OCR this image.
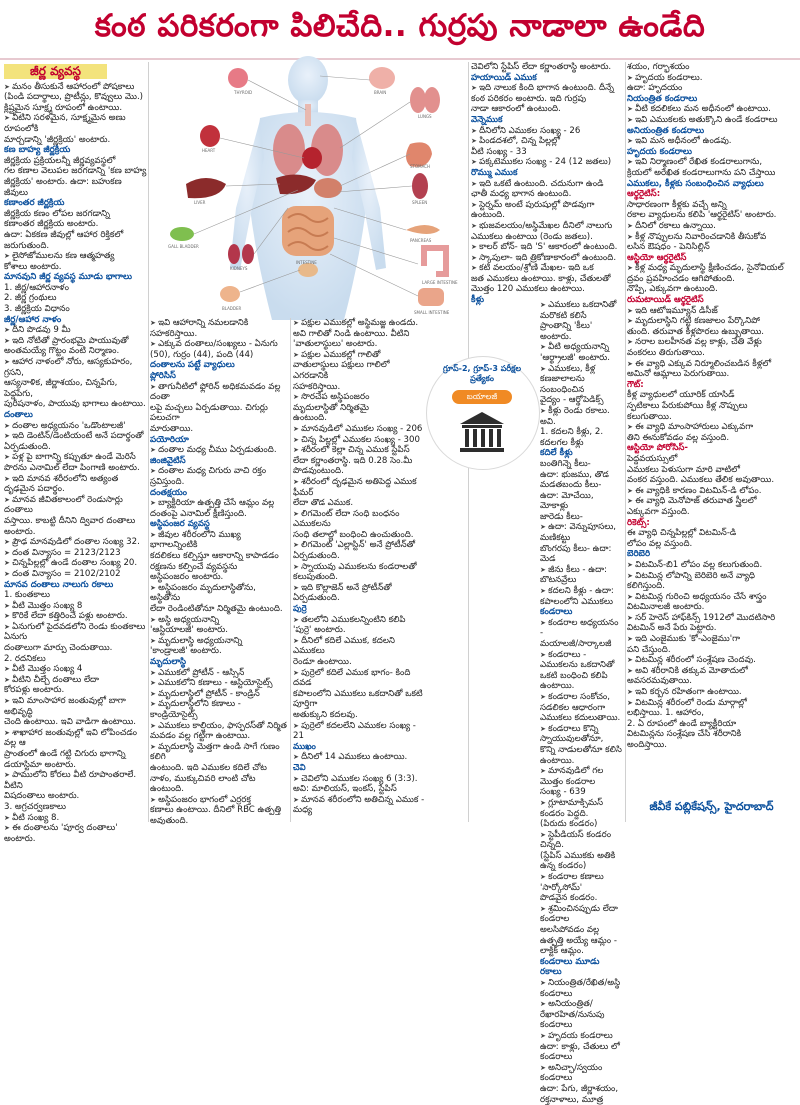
కంఠ పరికరంగా పిలిచేది.. గుర్రపు నాడాలా ఉండేది
THYROID	BRAIN
LUNGS
HEART
STOMACH
LIVER
GALL BLADDER
SPLEEN
KIDNEYS
PANCREAS
LARGE INTESTINE
BLADDER
SMALL INTESTINE
INTESTINE
జీర్ణ వ్యవస్థ

➤ మనం తీసుకునే ఆహారంలో పోషకాలు

(పిండి పదార్థాలు, ప్రొటీన్లు, కొవ్వులు మొ.)

క్లిష్టమైన సూక్ష్మ రూపంలో ఉంటాయి.

➤ వీటిని సరళమైన, సూక్ష్మమైన అణు రూపంలోకి

మార్చడాన్ని 'జీర్ణక్రియ' అంటారు.

కణ బాహ్య జీర్ణక్రియ

జీర్ణక్రియ ప్రక్రియలన్నీ జీర్ణవ్యవస్థలో

గల కణాల వెలుపల జరగడాన్ని 'కణ బాహ్య

జీర్ణక్రియ' అంటారు. ఉదా: బహుకణ జీవులు

కణాంతర జీర్ణక్రియ

జీర్ణక్రియ కణం లోపల జరగడాన్ని

కణాంతర జీర్ణక్రియ అంటారు.

ఉదా: ఏకకణ జీవుల్లో ఆహార రిక్తికలో

జరుగుతుంది.

➤ లైసోజోములను కణ ఆత్మహత్య

కోశాలు అంటారు.

మానవుని జీర్ణ వ్యవస్థ మూడు భాగాలు

1. జీర్ణ/ఆహారనాళం

2. జీర్ణ గ్రంథులు

3. జీర్ణక్రియ విధానం

జీర్ణ/ఆహార నాళం

➤ దీని పొడవు 9 మీ

➤ ఇది నోటితో ప్రారంభమై పాయువుతో

అంతమయ్యే గొట్టం వంటి నిర్మాణం.

➤ ఆహార నాళంలో నోరు, ఆస్యకుహరం, గ్రసని,

ఆస్యనాళిక, జీర్ణాశయం, చిన్నపేగు, పెద్దపేగు,

పురీషనాళం, పాయువు భాగాలు ఉంటాయి.

దంతాలు

➤ దంతాల అధ్యయనం 'ఒడొంటాలజీ'

➤ ఇది డెంటిన్/డెంటియంటే అనే పదార్థంతో

ఏర్పడుతుంది.

➤ పళ్ల పై బాగాన్ని కప్పుతూ ఉండే మెరిసే

పొరను ఎనామిల్ లేదా పింగాణి అంటారు.

➤ ఇది మానవ శరీరంలోని అత్యంత

దృఢమైన పదార్థం.

➤ మానవ జీవితకాలంలో రెండుసార్లు దంతాలు

వస్తాయి. కాబట్టి దీనిని ద్వివార దంతాలు అంటారు.

➤ ప్రౌఢ మానవుడిలో దంతాల సంఖ్య 32.

➤ దంత విన్యాసం = 2123/2123

➤ చిన్నపిల్లల్లో ఉండే దంతాల సంఖ్య 20.

➤ దంత విన్యాసం = 2102/2102

మానవ దంతాలు నాలుగు రకాలు

1. కుంతకాలు

➤ వీటి మొత్తం సంఖ్య 8

➤ కొరికే లేదా కత్తిరించే పళ్లు అంటారు.

➤ ఏనుగులో పైదవడలోని రెండు కుంతకాలు ఏనుగు

దంతాలుగా మార్పు చెందుతాయి.

2. రదనికలు

➤ వీటి మొత్తం సంఖ్య 4

➤ వీటిని చీల్చే దంతాలు లేదా

కోరపళ్లు అంటారు.

➤ ఇవి మాంసాహార జంతువుల్లో బాగా అభివృద్ధి

చెంది ఉంటాయి. ఇవి వాడిగా ఉంటాయి.

➤ శాఖాహార జంతువుల్లో ఇవి లోపించడం వల్ల ఆ

ప్రాంతంలో ఉండే గట్టి చిగురు భాగాన్ని

డయాస్టిమా అంటారు.

➤ పాములోని కోరలు వీటి రూపాంతరాలే. వీటిని

విషదంతాలు అంటారు.

3. అగ్రచర్వణకాలు

➤ వీటి సంఖ్య 8.

➤ ఈ దంతాలను 'పూర్వ దంతాలు' అంటారు.

➤ ఇవి ఆహారాన్ని నమలడానికి సహకరిస్తాయి.

➤ ఎక్కువ దంతాలు/సంఖ్యలు - ఏనుగు

(50), గుర్రం (44), పంది (44)

దంతాలను పట్టే వ్యాధులు

ప్లోరిసిస్

➤ తాగునీటిలో ఫ్లోరిన్ అధికమవడం వల్ల దంతా

లపై మచ్చలు ఏర్పడుతాయి. చిగుర్లు పలుచగా

మారుతాయి.

పయోరియా

➤ దంతాల మధ్య చీము ఏర్పడుతుంది.

జింజివైటిస్

➤ దంతాల మధ్య చిగురు వాచి రక్తం స్రవిస్తుంది.

దంతక్షయం

➤ బ్యాక్టీరియా ఉత్పత్తి చేసే ఆమ్లం వల్ల

దంతంపై ఎనామిల్ క్షీణిస్తుంది.

అస్థిపంజర వ్యవస్థ

➤ జీవుల శరీరంలోని ముఖ్య భాగాలన్నింటికి

కదలికలు కల్పిస్తూ ఆకారాన్ని కాపాడడం

రక్షణను కల్పించే వ్యవస్థను

అస్థిపంజరం అంటారు.

➤ అస్థిపంజరం మృదులాస్థితోను, అస్థితోను

లేదా రెండింటితోనూ నిర్మితమై ఉంటుంది.

➤ అస్థి అధ్యయనాన్ని

'ఆస్టియాలజీ' అంటారు.

➤ మృదులాస్థి అధ్యయనాన్ని

'కాండ్రాలజీ' అంటారు.

మృదులాస్థి

➤ ఎముకలో ప్రోటీన్ - ఆస్సిన్

➤ ఎముకలోని కణాలు - ఆస్టియోసైట్స్

➤ మృదులాస్థిలో ప్రోటీన్ - కాండ్రిన్

➤ మృదులాస్థిలోని కణాలు - కాండ్రియోసైట్స్

➤ ఎముకలు కాల్షియం, ఫాస్ఫరస్‌తో నిర్మిత

మవడం వల్ల గట్టిగా ఉంటాయి.

➤ మృదులాస్థి మెత్తగా ఉండి సాగే గుణం కలిగి

ఉంటుంది. ఇది ఎముకల కదిలే చోట

నాళం, ముక్కుచివరి లాంటి చోట ఉంటుంది.

➤ అస్థిపంజరం భాగంలో ఎర్రరక్త

కణాలు ఉంటాయి. దీనిలో RBC ఉత్పత్తి అవుతుంది.

➤ పక్షుల ఎముకల్లో అస్థిమజ్జ ఉండదు.

అవి గాలితో నిండి ఉంటాయి. వీటిని

'వాతులాస్థులు' అంటారు.

➤ పక్షుల ఎముకల్లో గాలితో

వాతులాస్థులు పక్షులు గాలిలో

ఎగరడానికి

సహకరిస్తాయి.

➤ సొరచేప అస్థిపంజరం

మృదులాస్థితో నిర్మితమై

ఉంటుంది.

➤ మానవుడిలో ఎముకల సంఖ్య - 206

➤ చిన్న పిల్లల్లో ఎముకల సంఖ్య - 300

➤ శరీరంలో కెల్లా చిన్న ఎముక స్టేపిస్

లేదా కర్ణాంతరాస్థి. ఇది 0.28 సెం.మీ

పొడవుంటుంది.

➤ శరీరంలో దృఢమైన అతిపెద్ద ఎముక ఫీమర్

లేదా తొడ ఎముక.

➤ లిగమెంట్ లేదా సంధి బంధనం ఎముకలను

సంధి తలాల్లో బంధించి ఉంచుతుంది.

➤ లిగమెంట్ 'ఎల్లాస్టిన్' అనే ప్రోటీన్‌తో

ఏర్పడుతుంది.

➤ స్నాయువు ఎముకలను కండరాలతో కలుపుతుంది.

➤ ఇది కొల్లాజెన్ అనే ప్రోటీన్‌తో

ఏర్పడుతుంది.

పుర్రె

➤ తలలోని ఎముకలన్నింటిని కలిపి

'పుర్రె' అంటారు.

➤ దీనిలో కదిలే ఎముక, కదలని ఎముకలు

రెండూ ఉంటాయి.

➤ పుర్రెలో కదిలే ఎముక భాగం- కింది దవడ

కపాలంలోని ఎముకలు ఒకదానితో ఒకటి పూర్తిగా

అతుక్కుని కదలవు.

➤ పుర్రెలో కదలలేని ఎముకల సంఖ్య - 21

ముఖం

➤ దీనిలో 14 ఎముకలు ఉంటాయి.

చెవి

➤ చెవిలోని ఎముకల సంఖ్య 6 (3:3).

అవి: మాలియస్, ఇంకస్, స్టేపిస్

➤ మానవ శరీరంలోని అతిచిన్న ఎముక - మధ్య

చెవిలోని స్టేపిస్ లేదా కర్ణాంతరాస్థి అంటారు.

హయాయిడ్ ఎముక

➤ ఇది నాలుక కింది భాగాన ఉంటుంది. దీన్నే

కంఠ పరికరం అంటారు. ఇది గుర్రపు

నాడా ఆకారంలో ఉంటుంది.

వెన్నెముక

➤ దీనిలోని ఎముకల సంఖ్య - 26

➤ పిండదశలో, చిన్న పిల్లల్లో

వీటి సంఖ్య - 33

➤ పక్కటెముకల సంఖ్య - 24 (12 జతలు)

రొమ్ము ఎముక

➤ ఇది ఒకటే ఉంటుంది. చదునుగా ఉండి

ఛాతీ మధ్య భాగాన ఉంటుంది.

➤ స్టెర్నమ్ అంటే పురుషుల్లో పొడవుగా ఉంటుంది.

➤ భుజవలయం/అస్థిమేఖల దీనిలో నాలుగు

ఎముకలు ఉంటాయి (రెండు జతలు).

➤ కాలర్ బోన్- ఇది 'S' ఆకారంలో ఉంటుంది.

➤ స్కాపులా- ఇది త్రికోణాకారంలో ఉంటుంది.

➤ కటి వలయం/శ్రోణి మేఖల- ఇది ఒక

జత ఎముకలు ఉంటాయి. కాళ్లు, చేతులతో

మొత్తం 120 ఎముకలు ఉంటాయి.

కీళ్లు

➤	ఎముకలు ఒకదానితో మరొకటి కలిసే

ప్రాంతాన్ని 'కీలు' అంటారు.

➤ వీటి అధ్యయనాన్ని 'ఆర్థ్రాలజీ' అంటారు.

➤ ఎముకలు, కీళ్ల కణజాలాలను సంబంధించిన

వైద్యం - ఆర్థోపెడిక్స్

➤ కీళ్లు రెండు రకాలు. అవి.

1. కదలని కీళ్లు, 2. కదలగల కీళ్లు

కదిలే కీళ్లు

బంతిగిన్నె కీలు-

ఉదా: భుజము, తొడ

మడతబందు కీలు-

ఉదా: మోచేయి, మోకాళ్లు

జారెడు కీలు-

➤ ఉదా: వెన్నుపూసలు, మణికట్టు

బొంగరపు కీలు- ఉదా: మెడ

➤ జీను కీలు - ఉదా: బొటనవ్రేలు

➤ కదలని కీళ్లు - ఉదా: కపాలంలోని ఎముకలు

కండరాలు

➤ కండరాల అధ్యయనం -

మయాలజీ/సార్కాలజీ

➤ కండరాలు - ఎముకలను ఒకదానితో

ఒకటి బంధించి కలిపి ఉంటాయి.

➤ కండరాల సంకోచం, సడలికల ఆధారంగా

ఎముకలు కదులుతాయి.

➤ కండరాలు కొన్ని స్నాయువులతోనూ,

కొన్ని నాడులతోనూ కలిసి ఉంటాయి.

➤ మానవుడిలో గల మొత్తం కండరాల

సంఖ్య - 639

➤ గ్లూటామాక్సిమస్ కండరం పెద్దది.

(పిరుదు కండరం)

➤ స్టెపీడియస్ కండరం చిన్నది.

(స్టేపిస్ ఎముకకు అతికి ఉన్న కండరం)

➤ కండరాల కణాలు 'సార్కోసోమ్'

పొడవైన కండరం.

➤ శ్రమించినప్పుడు లేదా కండరాల

అలసిపోవడం వల్ల ఉత్పత్తి అయ్యే ఆమ్లం -

లాక్టిక్ ఆమ్లం.

కండరాలు మూడు రకాలు

➤ నియంత్రిత/రేఖిత/అస్థి కండరాలు

➤ అనియంత్రిత/రేఖారహిత/నునుపు కండరాలు

➤ హృదయ కండరాలు

ఉదా: కాళ్లు, చేతులు లో కండరాలు

➤ అనిచ్ఛా/స్వయం కండరాలు

ఉదా: పేగు, జీర్ణాశయం, రక్తనాళాలు, మూత్ర

శయం, గర్భాశయం

➤ హృదయ కండరాలు.

ఉదా: హృదయం

నియంత్రిత కండరాలు

➤ వీటి కదలికలు మన అధీనంలో ఉంటాయి.

➤ ఇవి ఎముకలకు అతుక్కొని ఉండే కండరాలు

అనియంత్రిత కండరాలు

➤ ఇవి మన అధీనంలో ఉండవు.

హృదయ కండరాలు

➤ ఇవి నిర్మాణంలో రేఖిత కండరాలుగాను,

క్రియలో అరేఖిత కండరాలుగాను పని చేస్తాయి

ఎముకలు, కీళ్లకు సంబంధించిన వ్యాధులు

ఆర్థరైటిస్:

సాధారణంగా కీళ్లకు వచ్చే అన్ని

రకాల వ్యాధులను కలిపి 'ఆర్థరైటిస్' అంటారు.

➤ దీనిలో రకాలు ఉన్నాయి.

➤ కీళ్ల నొప్పులను నివారించడానికి తీసుకోవ

లసిన ఔషధం - పెనిసిల్లిన్

ఆస్టియో ఆర్థరైటిస్

➤ కీళ్ల మధ్య మృదులాస్థి క్షీణించడం, సైనోవియల్

ద్రవం ప్రవహించడం ఆగిపోతుంది.

నొప్పి, ఎక్కువగా ఉంటుంది.

రుమటాయిడ్ ఆర్థరైటిస్

➤ ఇది ఆటోఇమ్యూన్ డిసీజ్

➤ మృదులాస్థిని గట్టి కణజాలం పేర్కొనిపో

తుంది. తరువాత కీళ్లపొరలు ఉబ్బుతాయి.

➤ నరాల బలహీనత వల్ల కాళ్లు, చేతి వేళ్లు

వంకరలు తిరుగుతాయి.

➤ ఈ వ్యాధి ఎక్కువ నిర్మూలించబడిన కీళ్లలో

అమినో ఆమ్లాలు పెరుగుతాయి.

గౌట్:

కీళ్ల వ్యాధులలో యూరిక్ యాసిడ్

స్ఫటికాలు పేరుకుపోయి కీళ్ల నొప్పులు

కలుగుతాయి.

➤ ఈ వ్యాధి మాంసాహారులు ఎక్కువగా

తిని ఈనుకోవడం వల్ల వస్తుంది.

ఆస్టియో పోరోసిస్-

పెద్దవయస్సులో

ఎముకలు పెళుసుగా మారి వాటిలో

వంకర వస్తుంది. ఎముకలు తేలిక అవుతాయి.

➤ ఈ వ్యాధికి కారణం విటమిన్-డి లోపం.

➤ ఈ వ్యాధి మెనోపాజ్ తరువాత స్త్రీలలో

ఎక్కువగా వస్తుంది.

రికెట్స్:

ఈ వ్యాధి చిన్నపిల్లల్లో విటమిన్-డి

లోపం వల్ల వస్తుంది.

బెరిబెరి

➤ విటమిన్-బి1 లోపం వల్ల కలుగుతుంది.

➤ విటమిన్ల లోపాన్ని బెరిబెరి అనే వ్యాధి

కలిగిస్తుంది.

➤ విటమిన్ల గురించి అధ్యయనం చేసే శాస్త్రం

విటమినాలజీ అంటారు.

➤ సర్ హెరెస్ హాఫ్‌కిన్స్ 1912లో మొదటిసారి

విటమిన్ అనే పేరు పెట్టారు.

➤ ఇది ఎంజైముకు 'కో-ఎంజైము'గా

పని చేస్తుంది.

➤ విటమిన్ల శరీరంలో సంశ్లేషణ చెందవు.

➤ అవి శరీరానికి తక్కువ మోతాదులో అవసరమవుతాయి.

➤ ఇవి కర్బన రహితంగా ఉంటాయి.

➤ విటమిన్ల శరీరంలో రెండు మార్గాల్లో

లభిస్తాయి. 1. ఆహారం,

2. ఏ రూపంలో ఉండే బ్యాక్టీరియా

విటమిన్లను సంశ్లేషణ చేసి శరీరానికి

అందిస్తాయి.

గ్రూప్-2, గ్రూప్-3 పరీక్షల ప్రత్యేకం
బయాలజీ
జీవీకే పబ్లికేషన్స్, హైదరాబాద్
